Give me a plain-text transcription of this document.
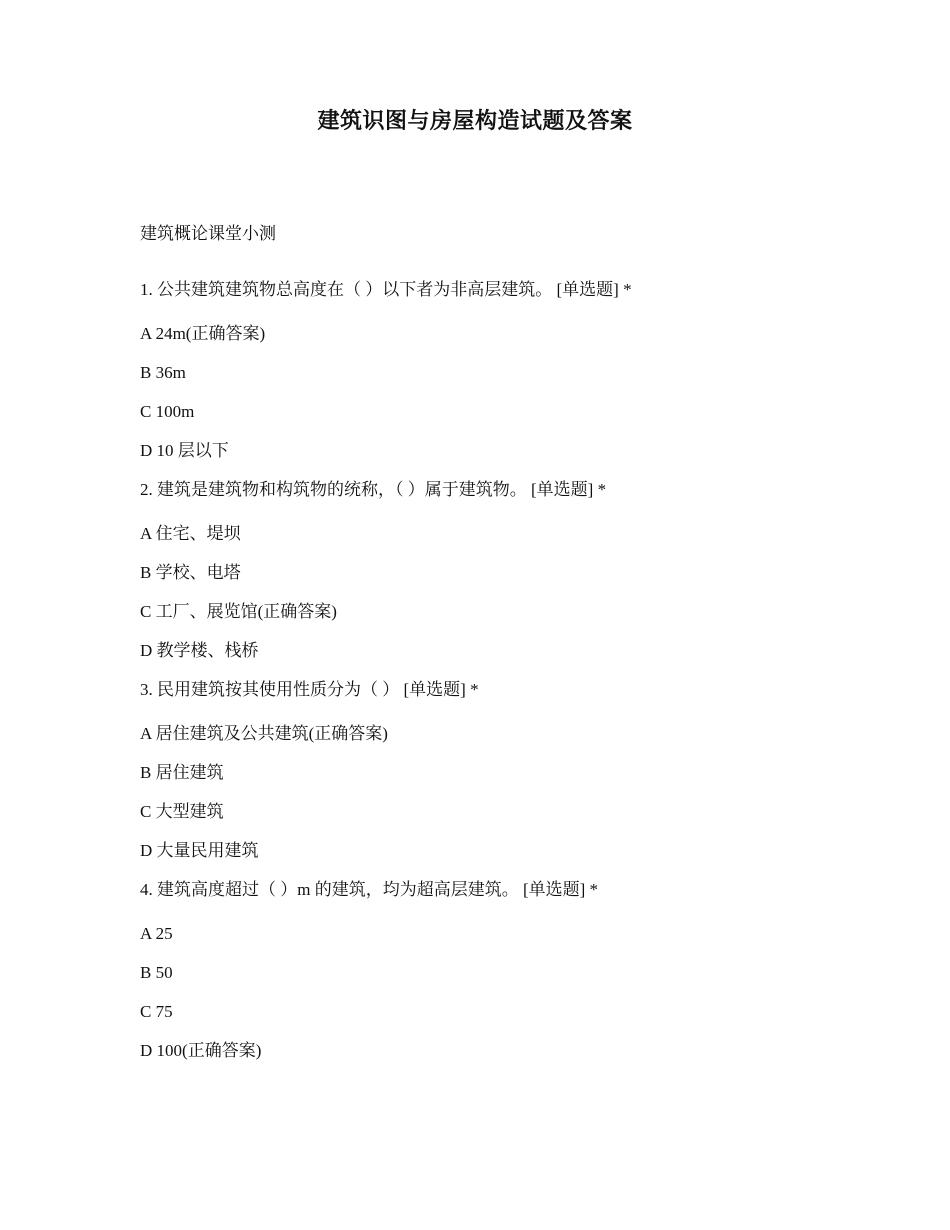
建筑识图与房屋构造试题及答案
建筑概论课堂小测
1. 公共建筑建筑物总高度在（ ）以下者为非高层建筑。 [单选题] *
A 24m(正确答案)
B 36m
C 100m
D 10 层以下
2. 建筑是建筑物和构筑物的统称，（ ）属于建筑物。 [单选题] *
A 住宅、堤坝
B 学校、电塔
C 工厂、展览馆(正确答案)
D 教学楼、栈桥
3. 民用建筑按其使用性质分为（ ） [单选题] *
A 居住建筑及公共建筑(正确答案)
B 居住建筑
C 大型建筑
D 大量民用建筑
4. 建筑高度超过（ ）m 的建筑，均为超高层建筑。 [单选题] *
A 25
B 50
C 75
D 100(正确答案)
